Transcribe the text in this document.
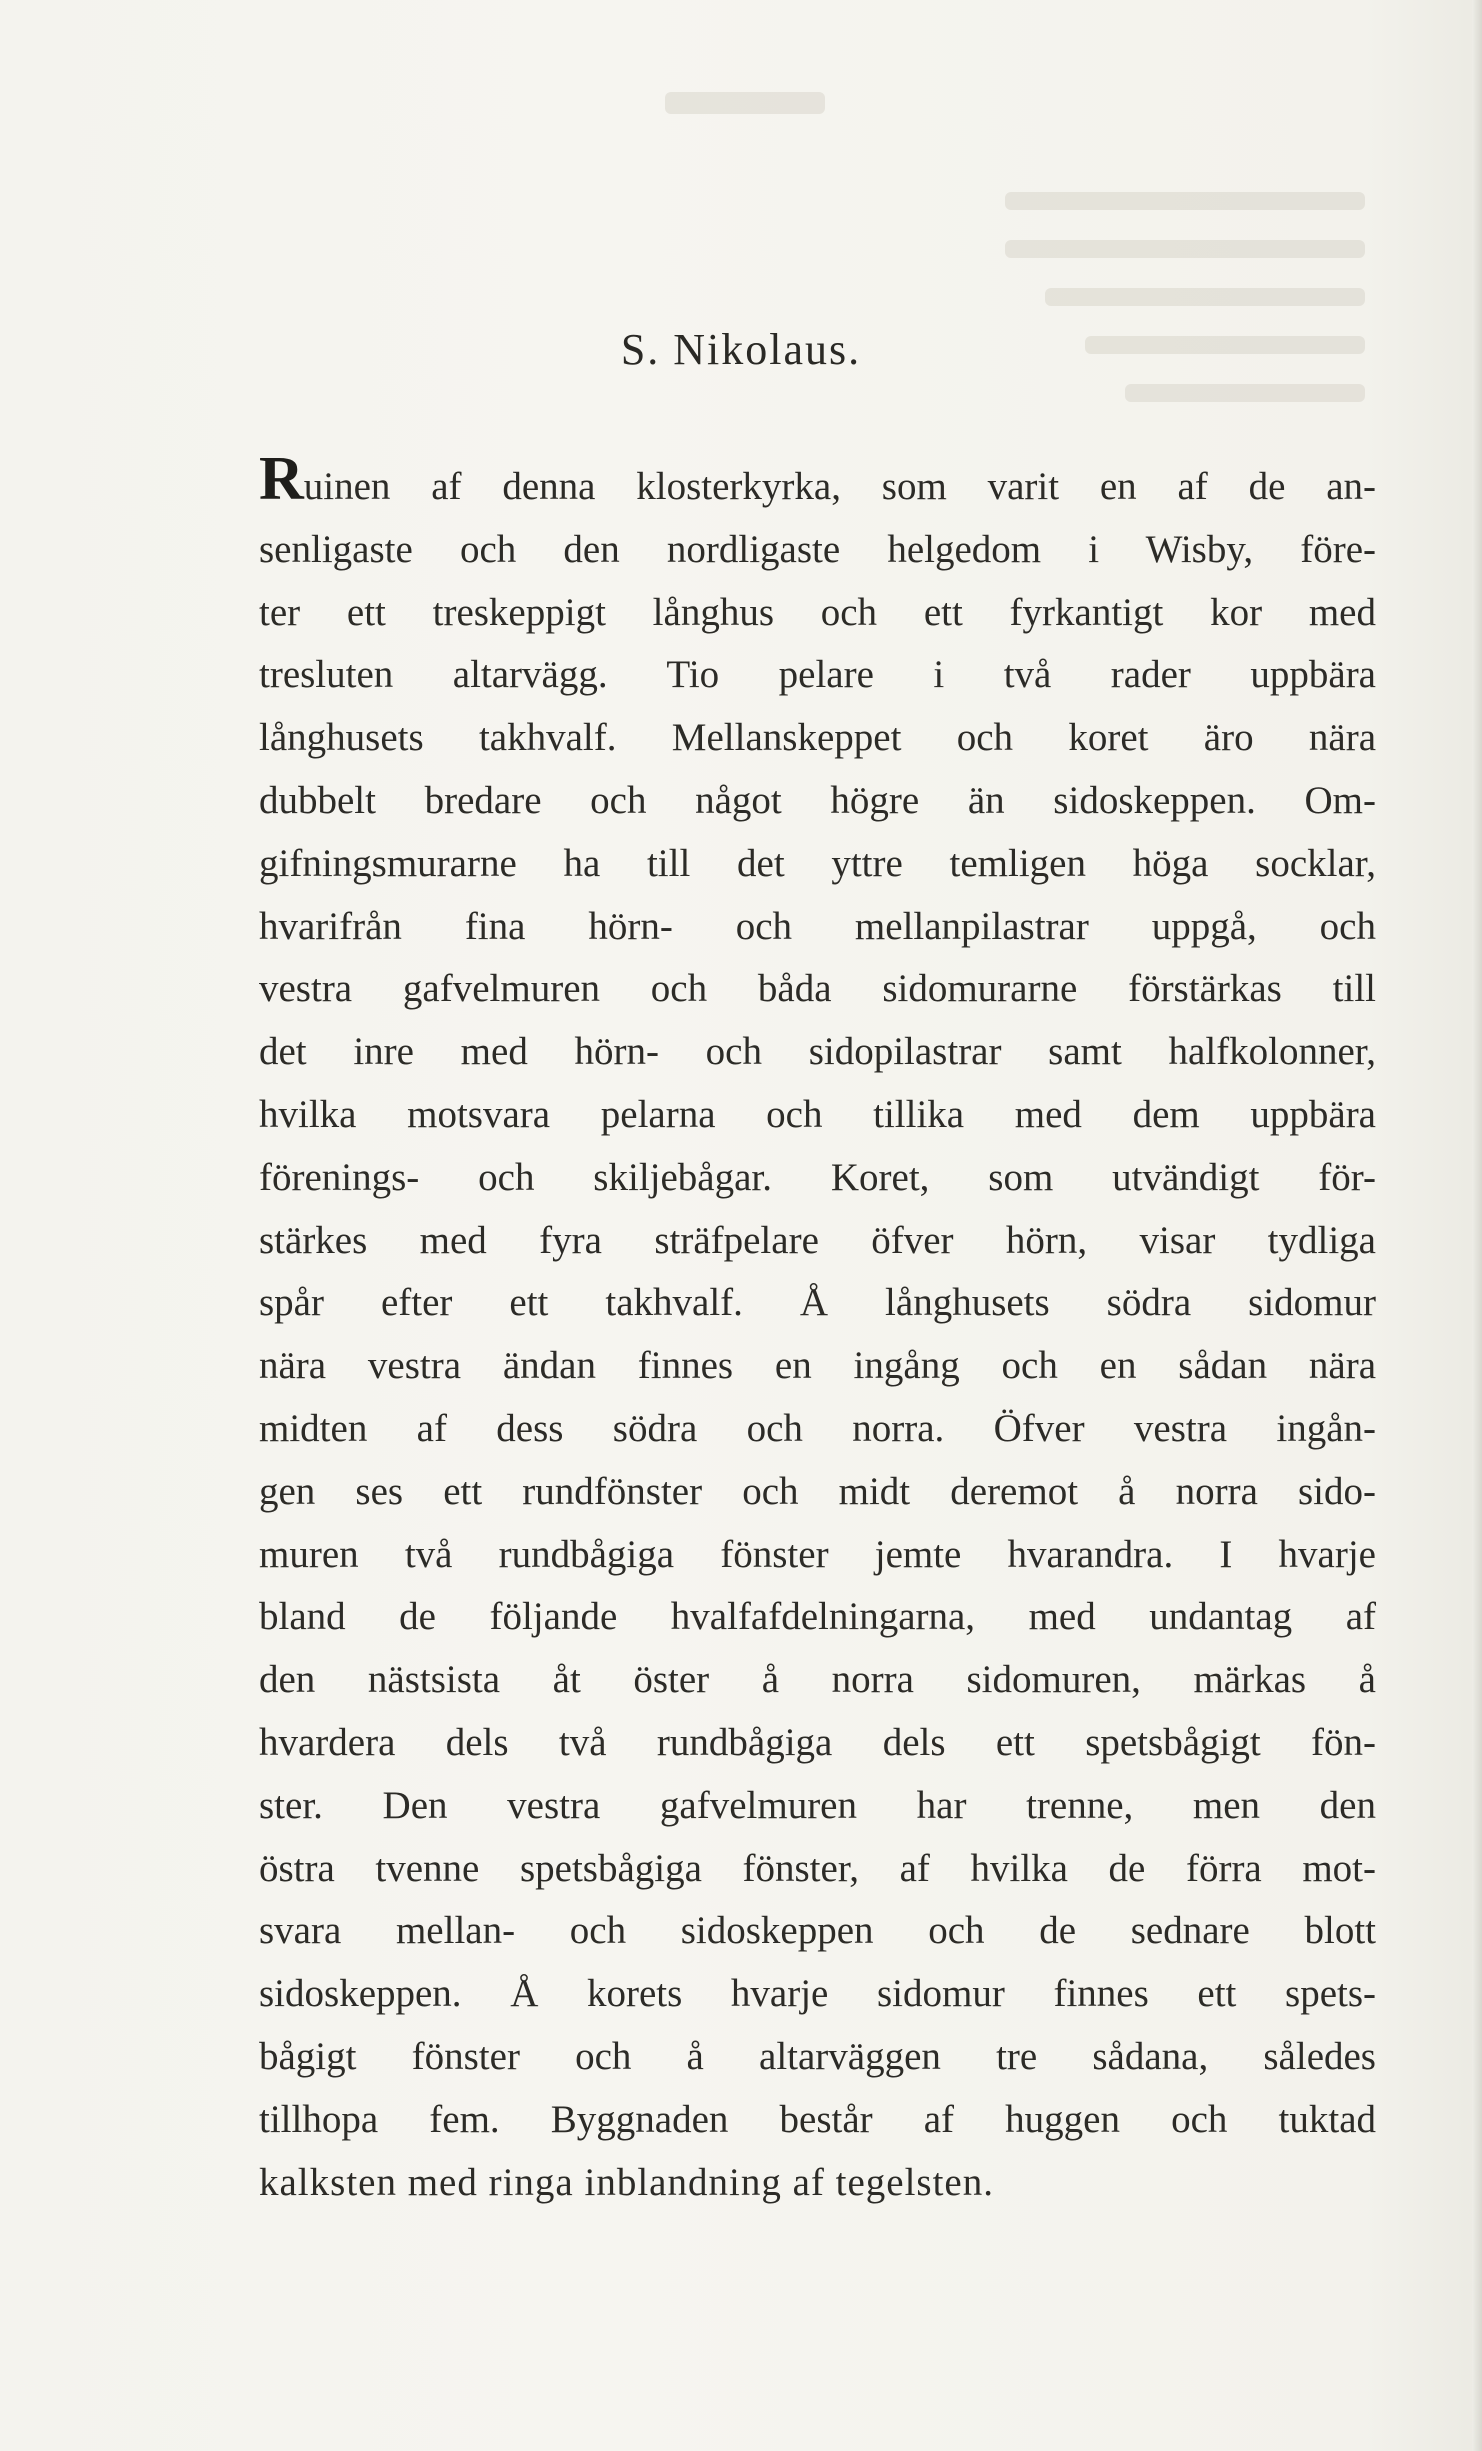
S. Nikolaus.
Ruinen af denna klosterkyrka, som varit en af de an-
senligaste och den nordligaste helgedom i Wisby, före-
ter ett treskeppigt långhus och ett fyrkantigt kor med
tresluten altarvägg. Tio pelare i två rader uppbära
långhusets takhvalf. Mellanskeppet och koret äro nära
dubbelt bredare och något högre än sidoskeppen. Om-
gifningsmurarne ha till det yttre temligen höga socklar,
hvarifrån fina hörn- och mellanpilastrar uppgå, och
vestra gafvelmuren och båda sidomurarne förstärkas till
det inre med hörn- och sidopilastrar samt halfkolonner,
hvilka motsvara pelarna och tillika med dem uppbära
förenings- och skiljebågar. Koret, som utvändigt för-
stärkes med fyra sträfpelare öfver hörn, visar tydliga
spår efter ett takhvalf. Å långhusets södra sidomur
nära vestra ändan finnes en ingång och en sådan nära
midten af dess södra och norra. Öfver vestra ingån-
gen ses ett rundfönster och midt deremot å norra sido-
muren två rundbågiga fönster jemte hvarandra. I hvarje
bland de följande hvalfafdelningarna, med undantag af
den nästsista åt öster å norra sidomuren, märkas å
hvardera dels två rundbågiga dels ett spetsbågigt fön-
ster. Den vestra gafvelmuren har trenne, men den
östra tvenne spetsbågiga fönster, af hvilka de förra mot-
svara mellan- och sidoskeppen och de sednare blott
sidoskeppen. Å korets hvarje sidomur finnes ett spets-
bågigt fönster och å altarväggen tre sådana, således
tillhopa fem. Byggnaden består af huggen och tuktad
kalksten med ringa inblandning af tegelsten.
